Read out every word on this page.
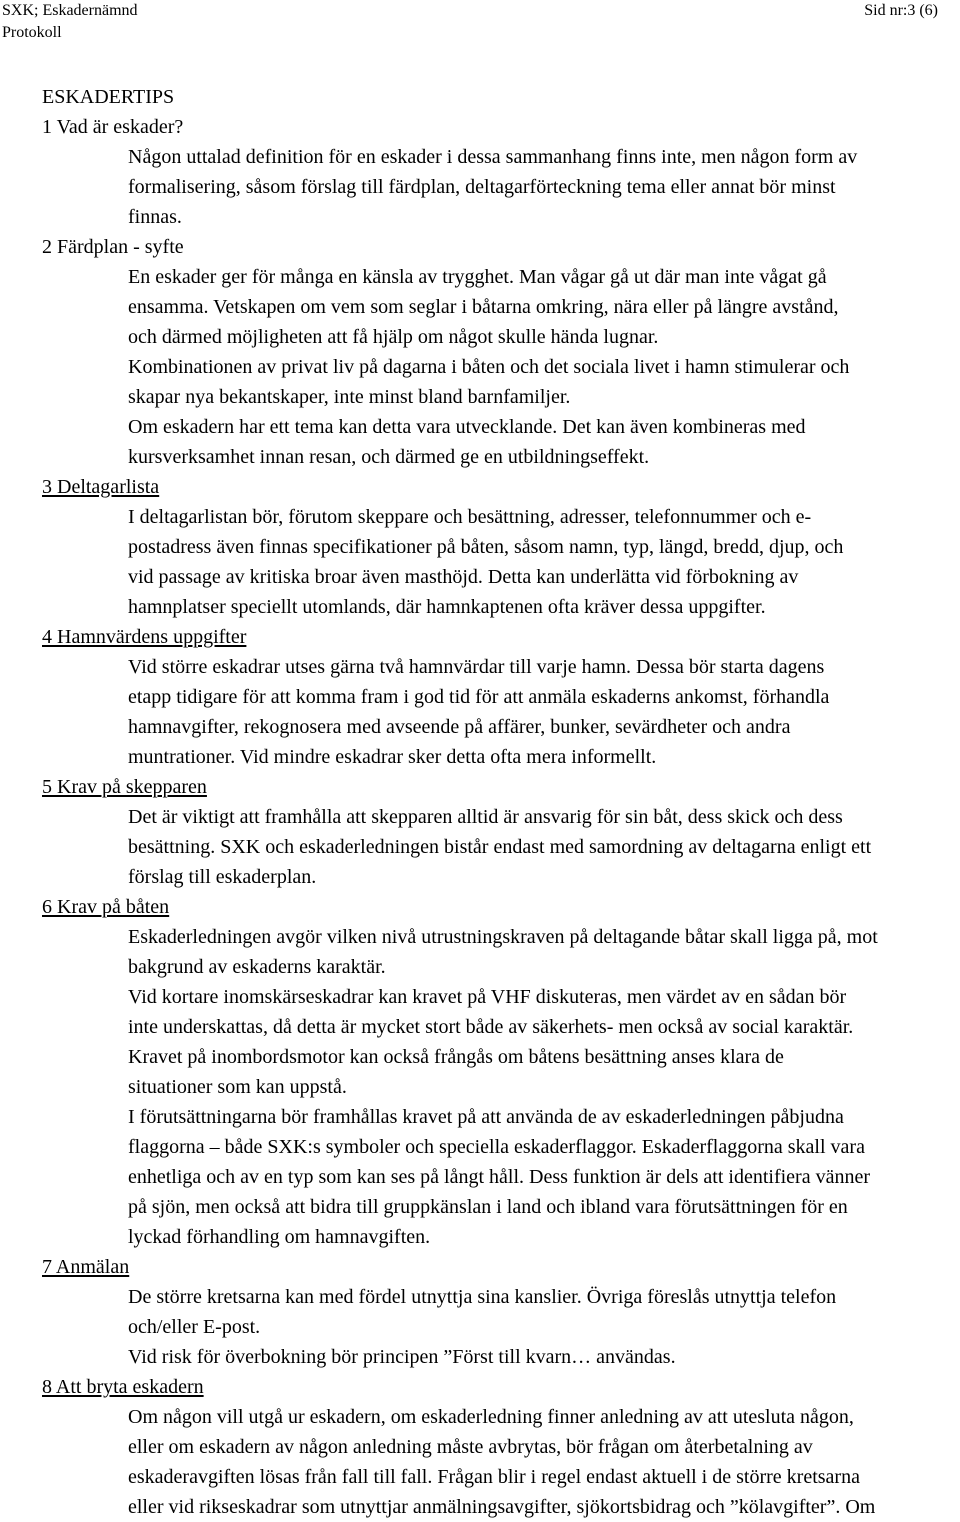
SXK; Eskadernämnd
Protokoll
Sid nr:3 (6)
ESKADERTIPS
1 Vad är eskader?
Någon uttalad definition för en eskader i dessa sammanhang finns inte, men någon form av
formalisering, såsom förslag till färdplan, deltagarförteckning tema eller annat bör minst
finnas.
2 Färdplan - syfte
En eskader ger för många en känsla av trygghet. Man vågar gå ut där man inte vågat gå
ensamma. Vetskapen om vem som seglar i båtarna omkring, nära eller på längre avstånd,
och därmed möjligheten att få hjälp om något skulle hända lugnar.
Kombinationen av privat liv på dagarna i båten och det sociala livet i hamn stimulerar och
skapar nya bekantskaper, inte minst bland barnfamiljer.
Om eskadern har ett tema kan detta vara utvecklande. Det kan även kombineras med
kursverksamhet innan resan, och därmed ge en utbildningseffekt.
3 Deltagarlista
I deltagarlistan bör, förutom skeppare och besättning, adresser, telefonnummer och e-
postadress även finnas specifikationer på båten, såsom namn, typ, längd, bredd, djup, och
vid passage av kritiska broar även masthöjd. Detta kan underlätta vid förbokning av
hamnplatser speciellt utomlands, där hamnkaptenen ofta kräver dessa uppgifter.
4 Hamnvärdens uppgifter
Vid större eskadrar utses gärna två hamnvärdar till varje hamn. Dessa bör starta dagens
etapp tidigare för att komma fram i god tid för att anmäla eskaderns ankomst, förhandla
hamnavgifter, rekognosera med avseende på affärer, bunker, sevärdheter och andra
muntrationer. Vid mindre eskadrar sker detta ofta mera informellt.
5 Krav på skepparen
Det är viktigt att framhålla att skepparen alltid är ansvarig för sin båt, dess skick och dess
besättning. SXK och eskaderledningen bistår endast med samordning av deltagarna enligt ett
förslag till eskaderplan.
6 Krav på båten
Eskaderledningen avgör vilken nivå utrustningskraven på deltagande båtar skall ligga på, mot
bakgrund av eskaderns karaktär.
Vid kortare inomskärseskadrar kan kravet på VHF diskuteras, men värdet av en sådan bör
inte underskattas, då detta är mycket stort både av säkerhets- men också av social karaktär.
Kravet på inombordsmotor kan också frångås om båtens besättning anses klara de
situationer som kan uppstå.
I förutsättningarna bör framhållas kravet på att använda de av eskaderledningen påbjudna
flaggorna – både SXK:s symboler och speciella eskaderflaggor. Eskaderflaggorna skall vara
enhetliga och av en typ som kan ses på långt håll. Dess funktion är dels att identifiera vänner
på sjön, men också att bidra till gruppkänslan i land och ibland vara förutsättningen för en
lyckad förhandling om hamnavgiften.
7 Anmälan
De större kretsarna kan med fördel utnyttja sina kanslier. Övriga föreslås utnyttja telefon
och/eller E-post.
Vid risk för överbokning bör principen ”Först till kvarn… användas.
8 Att bryta eskadern
Om någon vill utgå ur eskadern, om eskaderledning finner anledning av att utesluta någon,
eller om eskadern av någon anledning måste avbrytas, bör frågan om återbetalning av
eskaderavgiften lösas från fall till fall. Frågan blir i regel endast aktuell i de större kretsarna
eller vid rikseskadrar som utnyttjar anmälningsavgifter, sjökortsbidrag och ”kölavgifter”. Om
